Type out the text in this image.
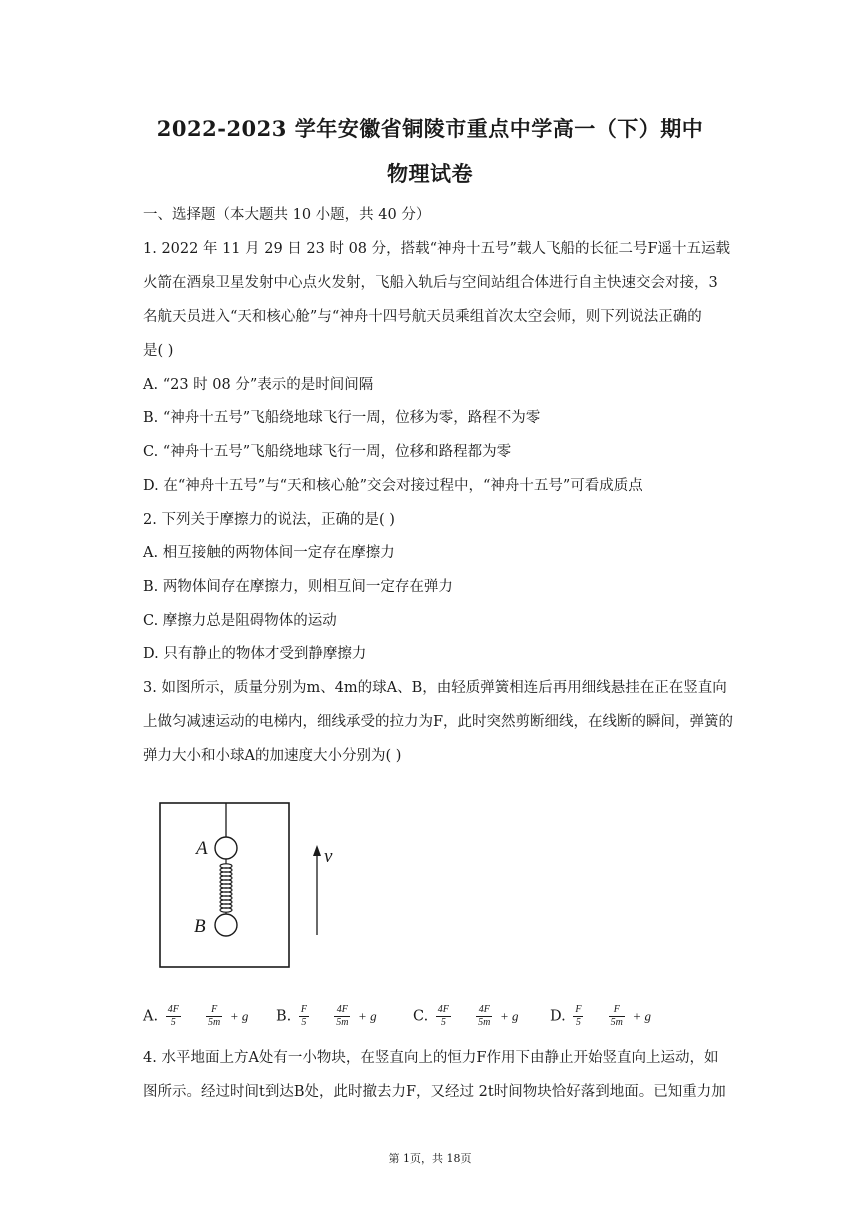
2022-2023 学年安徽省铜陵市重点中学高一（下）期中
物理试卷
一、选择题（本大题共 10 小题，共 40 分）
1. 2022 年 11 月 29 日 23 时 08 分，搭载“神舟十五号”载人飞船的长征二号F遥十五运载
火箭在酒泉卫星发射中心点火发射，飞船入轨后与空间站组合体进行自主快速交会对接，3
名航天员进入“天和核心舱”与“神舟十四号航天员乘组首次太空会师，则下列说法正确的
是( )
A. “23 时 08 分”表示的是时间间隔
B. “神舟十五号”飞船绕地球飞行一周，位移为零，路程不为零
C. “神舟十五号”飞船绕地球飞行一周，位移和路程都为零
D. 在“神舟十五号”与“天和核心舱”交会对接过程中，“神舟十五号”可看成质点
2. 下列关于摩擦力的说法，正确的是( )
A. 相互接触的两物体间一定存在摩擦力
B. 两物体间存在摩擦力，则相互间一定存在弹力
C. 摩擦力总是阻碍物体的运动
D. 只有静止的物体才受到静摩擦力
3. 如图所示，质量分别为m、4m的球A、B，由轻质弹簧相连后再用细线悬挂在正在竖直向
上做匀减速运动的电梯内，细线承受的拉力为F，此时突然剪断细线，在线断的瞬间，弹簧的
弹力大小和小球A的加速度大小分别为( )
A
B
v
A. $\frac{4F}{5}$
	$\frac{F}{5m} + g$ B. $\frac{F}{5}$
	$\frac{4F}{5m} + g$	C. $\frac{4F}{5}$
	$\frac{4F}{5m} + g$ D. $\frac{F}{5}$
	$\frac{F}{5m} + g$
4. 水平地面上方A处有一小物块，在竖直向上的恒力F作用下由静止开始竖直向上运动，如
图所示。经过时间t到达B处，此时撤去力F，又经过 2t时间物块恰好落到地面。已知重力加
第 1页，共 18页
